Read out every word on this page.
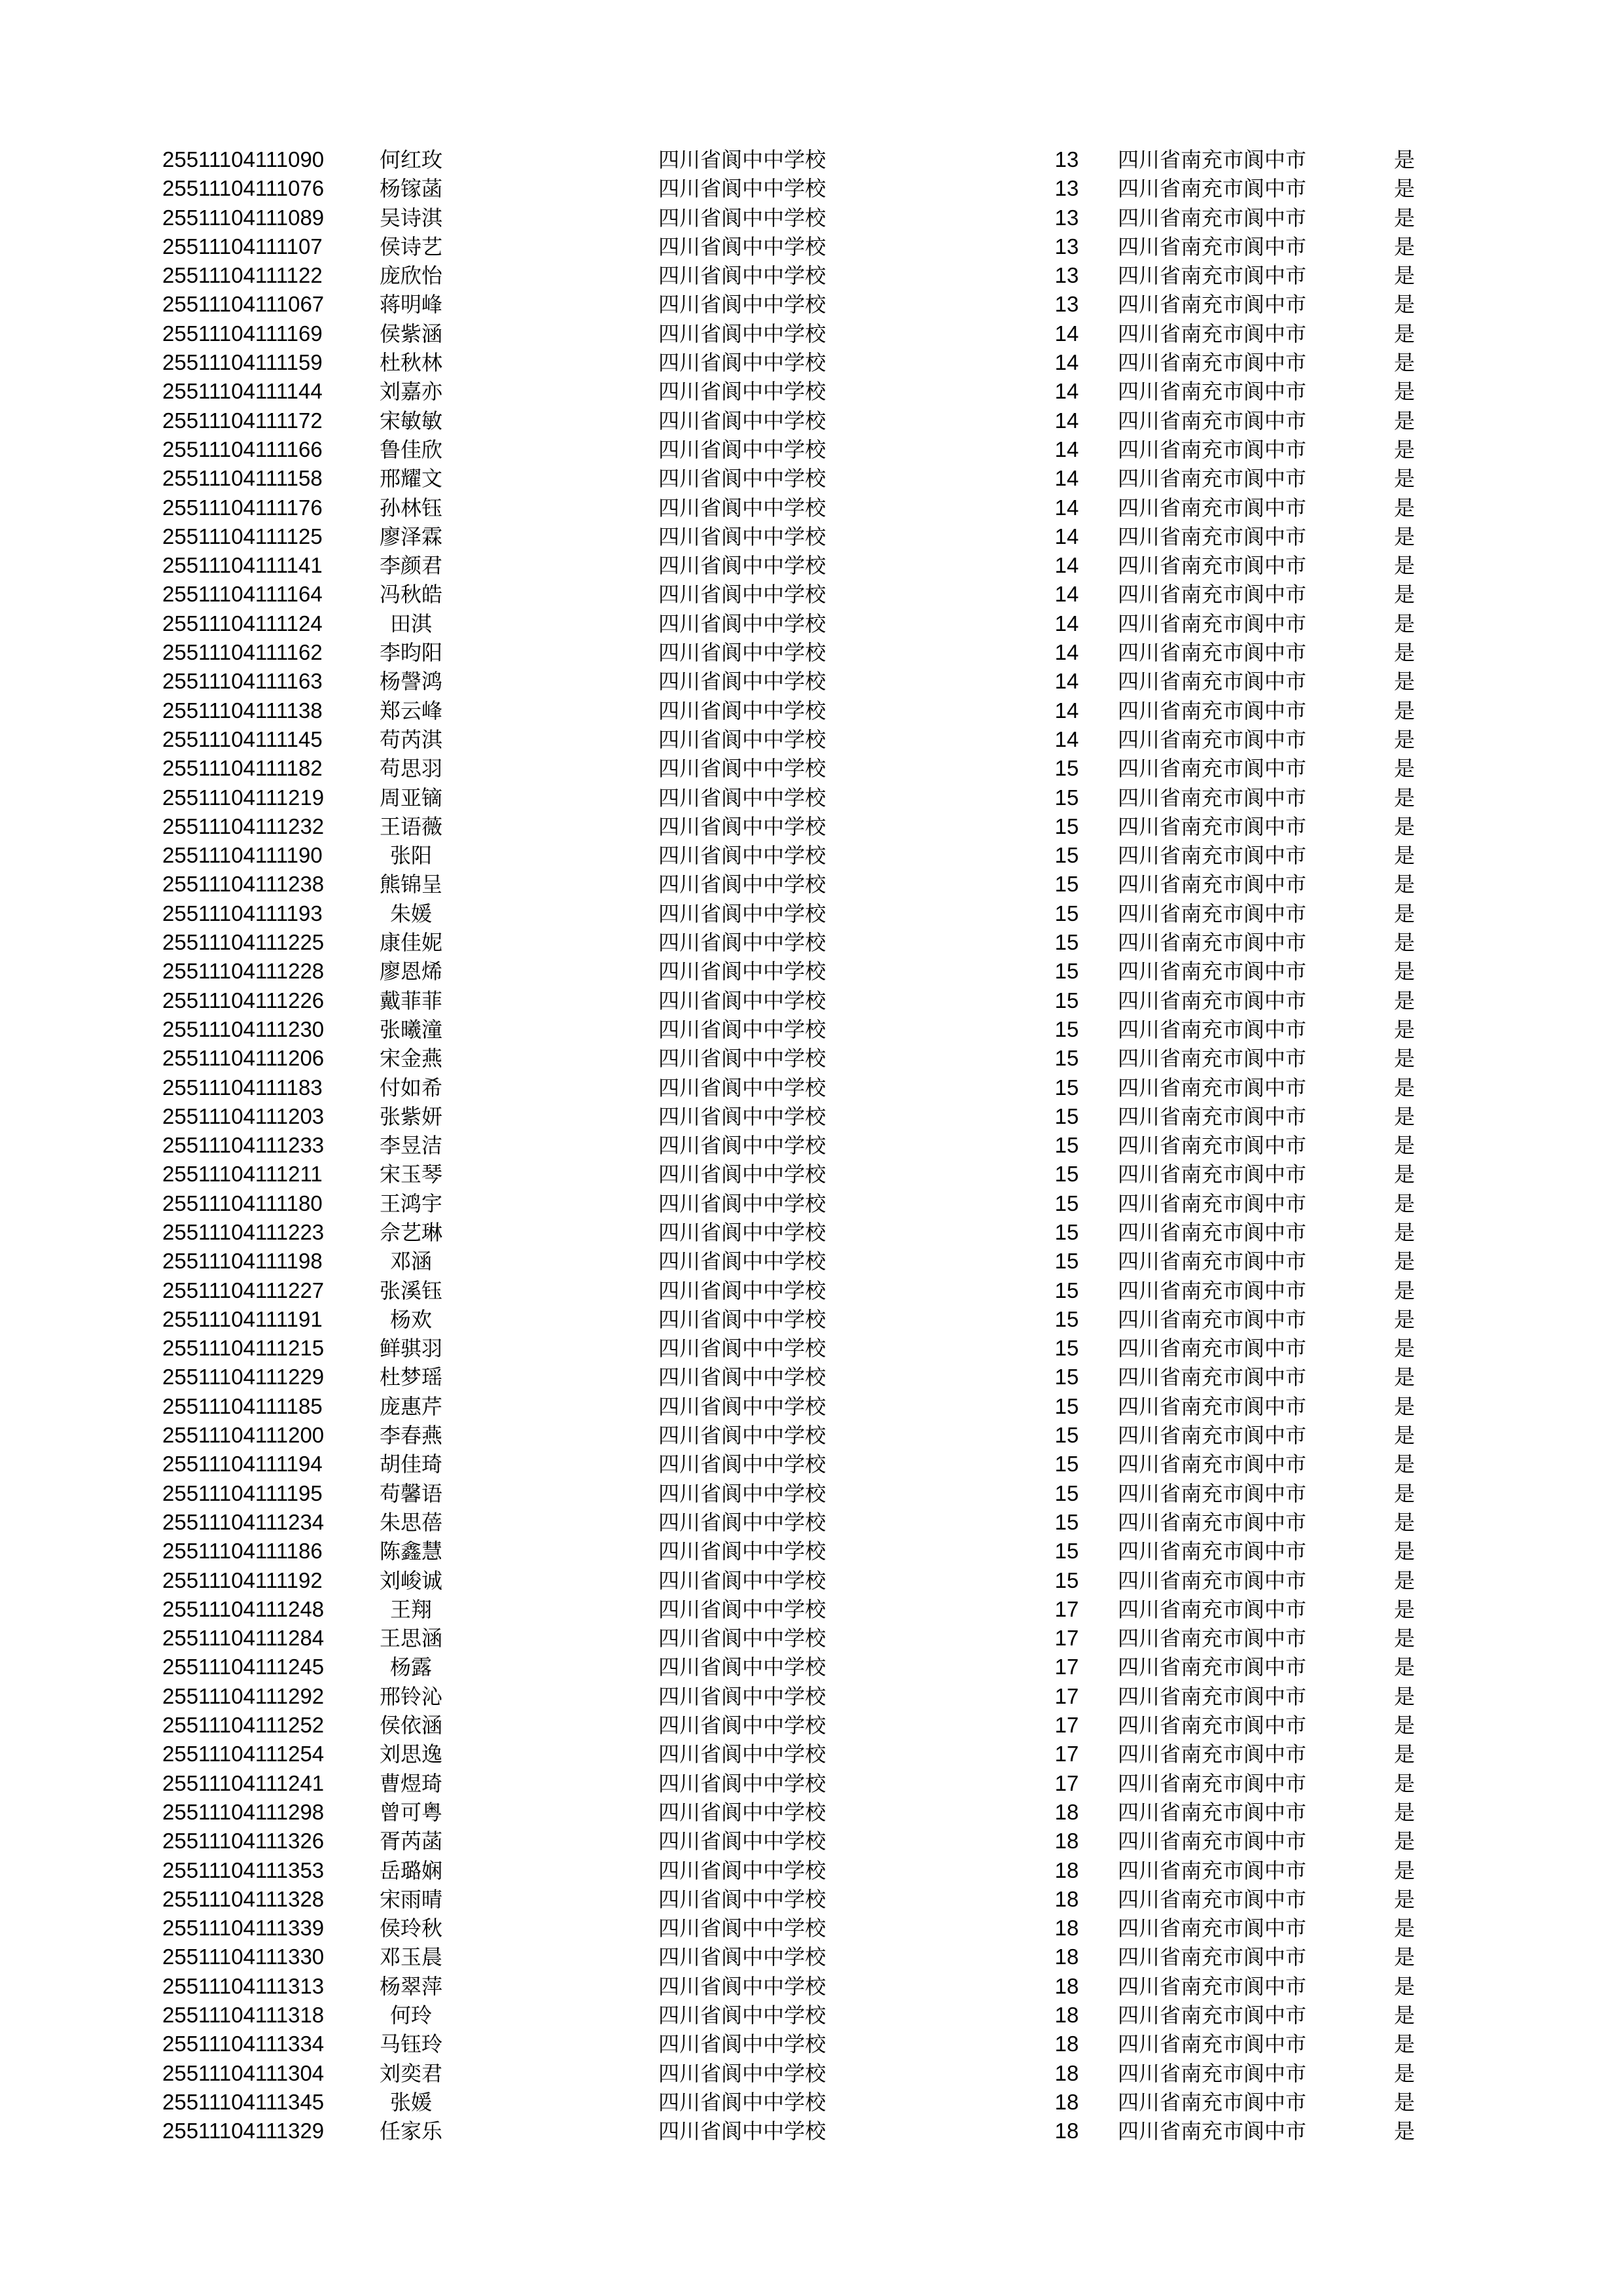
25511104111090	何红玫	四川省阆中中学校	13	四川省南充市阆中市	是
25511104111076	杨镓菡	四川省阆中中学校	13	四川省南充市阆中市	是
25511104111089	吴诗淇	四川省阆中中学校	13	四川省南充市阆中市	是
25511104111107	侯诗艺	四川省阆中中学校	13	四川省南充市阆中市	是
25511104111122	庞欣怡	四川省阆中中学校	13	四川省南充市阆中市	是
25511104111067	蒋明峰	四川省阆中中学校	13	四川省南充市阆中市	是
25511104111169	侯紫涵	四川省阆中中学校	14	四川省南充市阆中市	是
25511104111159	杜秋林	四川省阆中中学校	14	四川省南充市阆中市	是
25511104111144	刘嘉亦	四川省阆中中学校	14	四川省南充市阆中市	是
25511104111172	宋敏敏	四川省阆中中学校	14	四川省南充市阆中市	是
25511104111166	鲁佳欣	四川省阆中中学校	14	四川省南充市阆中市	是
25511104111158	邢耀文	四川省阆中中学校	14	四川省南充市阆中市	是
25511104111176	孙林钰	四川省阆中中学校	14	四川省南充市阆中市	是
25511104111125	廖泽霖	四川省阆中中学校	14	四川省南充市阆中市	是
25511104111141	李颜君	四川省阆中中学校	14	四川省南充市阆中市	是
25511104111164	冯秋皓	四川省阆中中学校	14	四川省南充市阆中市	是
25511104111124	田淇	四川省阆中中学校	14	四川省南充市阆中市	是
25511104111162	李昀阳	四川省阆中中学校	14	四川省南充市阆中市	是
25511104111163	杨謦鸿	四川省阆中中学校	14	四川省南充市阆中市	是
25511104111138	郑云峰	四川省阆中中学校	14	四川省南充市阆中市	是
25511104111145	苟芮淇	四川省阆中中学校	14	四川省南充市阆中市	是
25511104111182	苟思羽	四川省阆中中学校	15	四川省南充市阆中市	是
25511104111219	周亚镝	四川省阆中中学校	15	四川省南充市阆中市	是
25511104111232	王语薇	四川省阆中中学校	15	四川省南充市阆中市	是
25511104111190	张阳	四川省阆中中学校	15	四川省南充市阆中市	是
25511104111238	熊锦呈	四川省阆中中学校	15	四川省南充市阆中市	是
25511104111193	朱媛	四川省阆中中学校	15	四川省南充市阆中市	是
25511104111225	康佳妮	四川省阆中中学校	15	四川省南充市阆中市	是
25511104111228	廖恩烯	四川省阆中中学校	15	四川省南充市阆中市	是
25511104111226	戴菲菲	四川省阆中中学校	15	四川省南充市阆中市	是
25511104111230	张曦潼	四川省阆中中学校	15	四川省南充市阆中市	是
25511104111206	宋金燕	四川省阆中中学校	15	四川省南充市阆中市	是
25511104111183	付如希	四川省阆中中学校	15	四川省南充市阆中市	是
25511104111203	张紫妍	四川省阆中中学校	15	四川省南充市阆中市	是
25511104111233	李昱洁	四川省阆中中学校	15	四川省南充市阆中市	是
25511104111211	宋玉琴	四川省阆中中学校	15	四川省南充市阆中市	是
25511104111180	王鸿宇	四川省阆中中学校	15	四川省南充市阆中市	是
25511104111223	佘艺琳	四川省阆中中学校	15	四川省南充市阆中市	是
25511104111198	邓涵	四川省阆中中学校	15	四川省南充市阆中市	是
25511104111227	张溪钰	四川省阆中中学校	15	四川省南充市阆中市	是
25511104111191	杨欢	四川省阆中中学校	15	四川省南充市阆中市	是
25511104111215	鲜骐羽	四川省阆中中学校	15	四川省南充市阆中市	是
25511104111229	杜梦瑶	四川省阆中中学校	15	四川省南充市阆中市	是
25511104111185	庞惠芹	四川省阆中中学校	15	四川省南充市阆中市	是
25511104111200	李春燕	四川省阆中中学校	15	四川省南充市阆中市	是
25511104111194	胡佳琦	四川省阆中中学校	15	四川省南充市阆中市	是
25511104111195	苟馨语	四川省阆中中学校	15	四川省南充市阆中市	是
25511104111234	朱思蓓	四川省阆中中学校	15	四川省南充市阆中市	是
25511104111186	陈鑫慧	四川省阆中中学校	15	四川省南充市阆中市	是
25511104111192	刘峻诚	四川省阆中中学校	15	四川省南充市阆中市	是
25511104111248	王翔	四川省阆中中学校	17	四川省南充市阆中市	是
25511104111284	王思涵	四川省阆中中学校	17	四川省南充市阆中市	是
25511104111245	杨露	四川省阆中中学校	17	四川省南充市阆中市	是
25511104111292	邢铃沁	四川省阆中中学校	17	四川省南充市阆中市	是
25511104111252	侯依涵	四川省阆中中学校	17	四川省南充市阆中市	是
25511104111254	刘思逸	四川省阆中中学校	17	四川省南充市阆中市	是
25511104111241	曹煜琦	四川省阆中中学校	17	四川省南充市阆中市	是
25511104111298	曾可粤	四川省阆中中学校	18	四川省南充市阆中市	是
25511104111326	胥芮菡	四川省阆中中学校	18	四川省南充市阆中市	是
25511104111353	岳璐娴	四川省阆中中学校	18	四川省南充市阆中市	是
25511104111328	宋雨晴	四川省阆中中学校	18	四川省南充市阆中市	是
25511104111339	侯玲秋	四川省阆中中学校	18	四川省南充市阆中市	是
25511104111330	邓玉晨	四川省阆中中学校	18	四川省南充市阆中市	是
25511104111313	杨翠萍	四川省阆中中学校	18	四川省南充市阆中市	是
25511104111318	何玲	四川省阆中中学校	18	四川省南充市阆中市	是
25511104111334	马钰玲	四川省阆中中学校	18	四川省南充市阆中市	是
25511104111304	刘奕君	四川省阆中中学校	18	四川省南充市阆中市	是
25511104111345	张媛	四川省阆中中学校	18	四川省南充市阆中市	是
25511104111329	任家乐	四川省阆中中学校	18	四川省南充市阆中市	是
